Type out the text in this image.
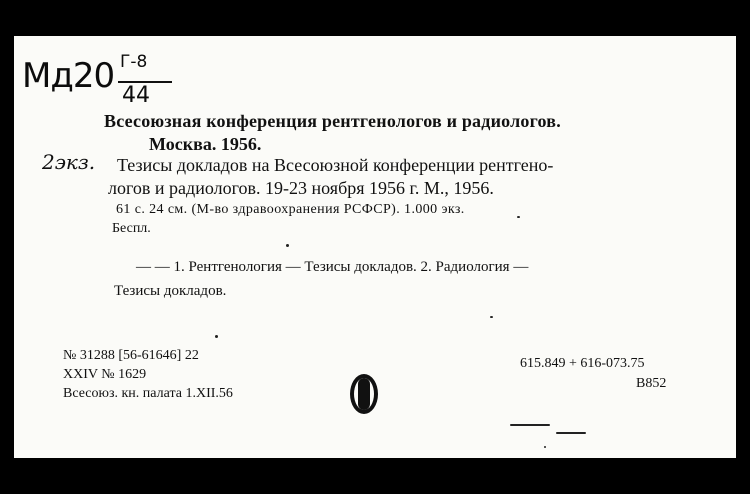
Мд20 Г-8
44
Всесоюзная конференция рентгенологов и радиологов.
Москва. 1956.
2экз. Тезисы докладов на Всесоюзной конференции рентгено-
логов и радиологов. 19-23 ноября 1956 г. М., 1956.
61 с. 24 см. (М-во здравоохранения РСФСР). 1.000 экз.
Беспл.
— — 1. Рентгенология — Тезисы докладов. 2. Радиология —
Тезисы докладов.
№ 31288 [56-61646] 22
XXIV № 1629
Всесоюз. кн. палата 1.XII.56
615.849 + 616-073.75
В852
